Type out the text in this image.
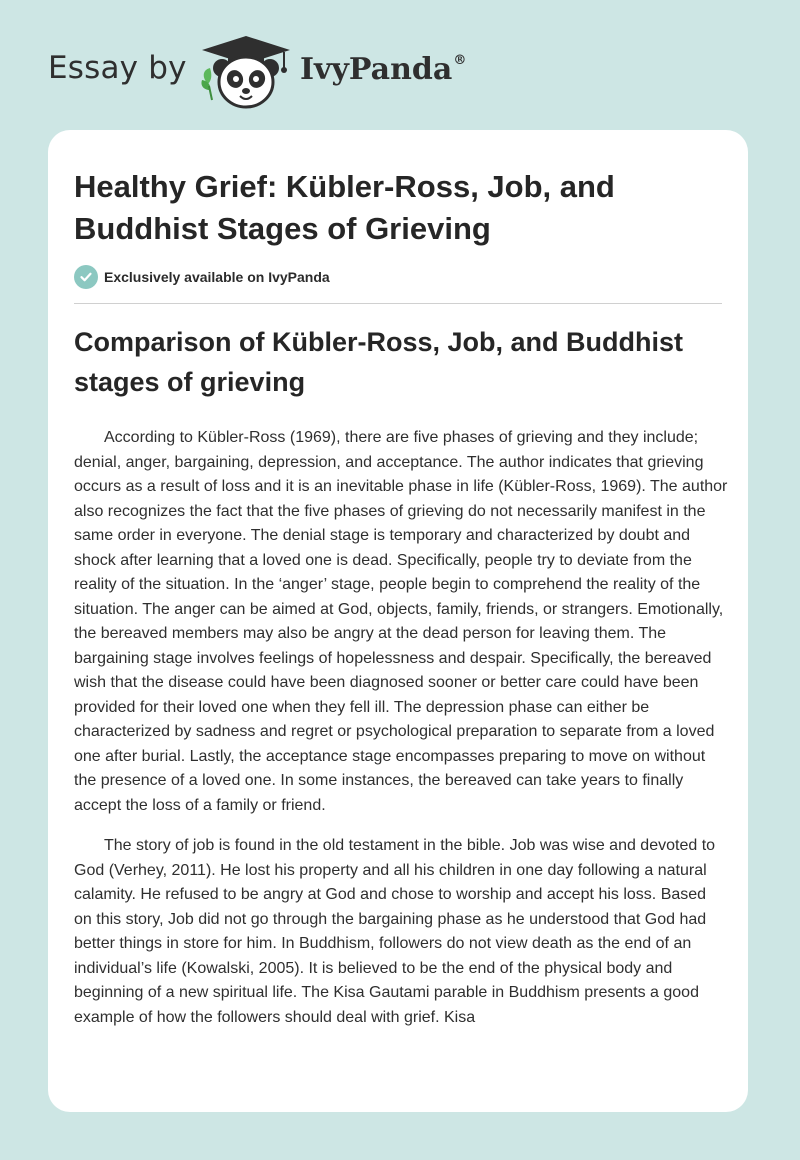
Essay by	IvyPanda®
Healthy Grief: Kübler-Ross, Job, and Buddhist Stages of Grieving
Exclusively available on IvyPanda
Comparison of Kübler-Ross, Job, and Buddhist stages of grieving

According to Kübler-Ross (1969), there are five phases of grieving and they include; denial, anger, bargaining, depression, and acceptance. The author indicates that grieving occurs as a result of loss and it is an inevitable phase in life (Kübler-Ross, 1969). The author also recognizes the fact that the five phases of grieving do not necessarily manifest in the same order in everyone. The denial stage is temporary and characterized by doubt and shock after learning that a loved one is dead. Specifically, people try to deviate from the reality of the situation. In the ‘anger’ stage, people begin to comprehend the reality of the situation. The anger can be aimed at God, objects, family, friends, or strangers. Emotionally, the bereaved members may also be angry at the dead person for leaving them. The bargaining stage involves feelings of hopelessness and despair. Specifically, the bereaved wish that the disease could have been diagnosed sooner or better care could have been provided for their loved one when they fell ill. The depression phase can either be characterized by sadness and regret or psychological preparation to separate from a loved one after burial. Lastly, the acceptance stage encompasses preparing to move on without the presence of a loved one. In some instances, the bereaved can take years to finally accept the loss of a family or friend.

The story of job is found in the old testament in the bible. Job was wise and devoted to God (Verhey, 2011). He lost his property and all his children in one day following a natural calamity. He refused to be angry at God and chose to worship and accept his loss. Based on this story, Job did not go through the bargaining phase as he understood that God had better things in store for him. In Buddhism, followers do not view death as the end of an individual’s life (Kowalski, 2005). It is believed to be the end of the physical body and beginning of a new spiritual life. The Kisa Gautami parable in Buddhism presents a good example of how the followers should deal with grief. Kisa
